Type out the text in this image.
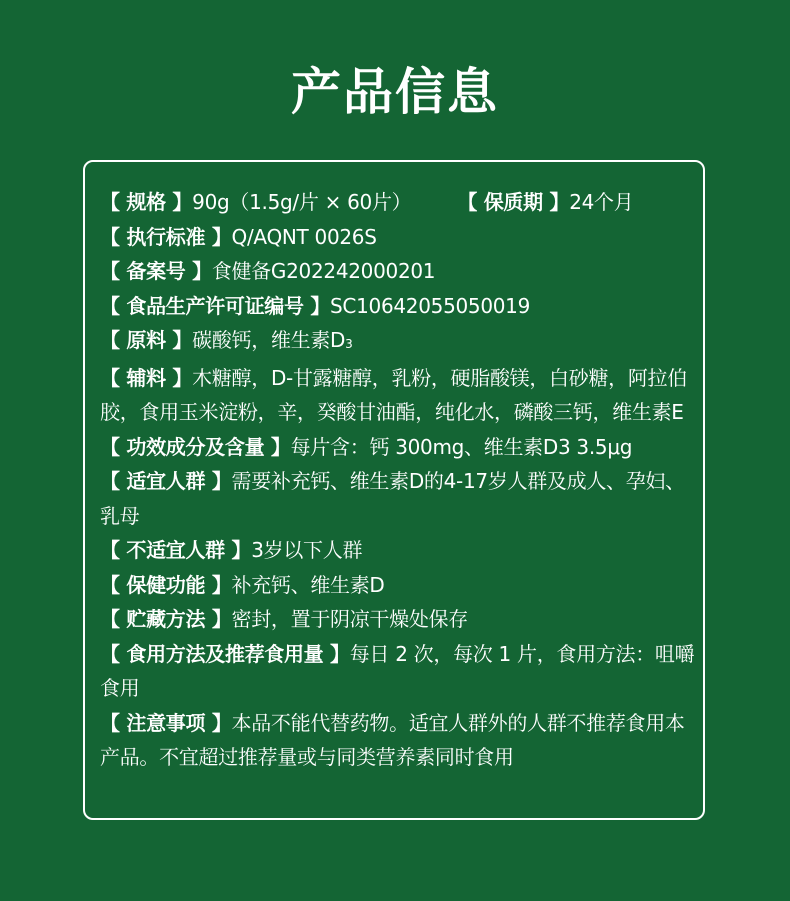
产品信息
【 规格 】90g（1.5g/片 × 60片） 【 保质期 】24个月
【 执行标准 】Q/AQNT 0026S
【 备案号 】食健备G202242000201
【 食品生产许可证编号 】SC10642055050019
【 原料 】碳酸钙，维生素$D_3$
【 辅料 】木糖醇，D-甘露糖醇，乳粉，硬脂酸镁，白砂糖，阿拉伯胶，食用玉米淀粉，辛，癸酸甘油酯，纯化水，磷酸三钙，维生素E
【 功效成分及含量 】每片含：钙 300mg、维生素D3 3.5μg
【 适宜人群 】需要补充钙、维生素D的4-17岁人群及成人、孕妇、乳母
【 不适宜人群 】3岁以下人群
【 保健功能 】补充钙、维生素D
【 贮藏方法 】密封，置于阴凉干燥处保存
【 食用方法及推荐食用量 】每日 2 次，每次 1 片，食用方法：咀嚼食用
【 注意事项 】本品不能代替药物。适宜人群外的人群不推荐食用本产品。不宜超过推荐量或与同类营养素同时食用
